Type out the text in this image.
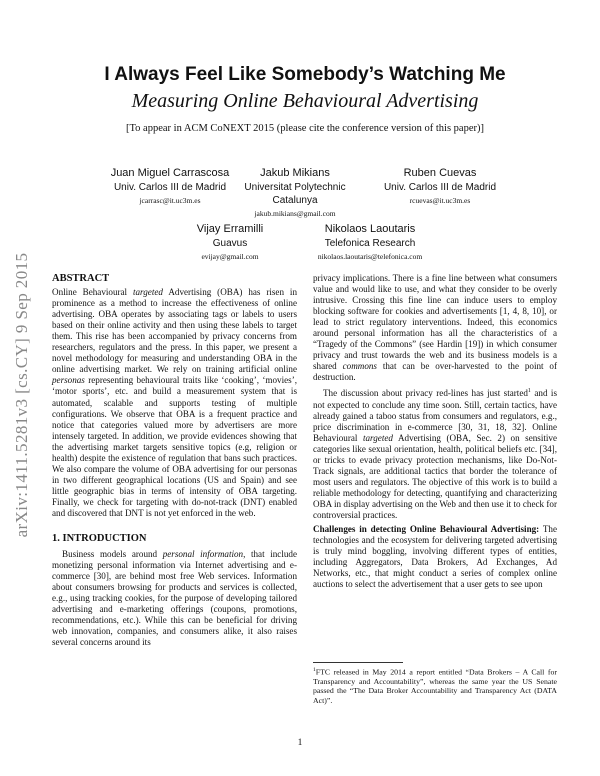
arXiv:1411.5281v3 [cs.CY] 9 Sep 2015
I Always Feel Like Somebody’s Watching Me
Measuring Online Behavioural Advertising
[To appear in ACM CoNEXT 2015 (please cite the conference version of this paper)]
Juan Miguel Carrascosa
Univ. Carlos III de Madrid
jcarrasc@it.uc3m.es
Jakub Mikians
Universitat Polytechnic
Catalunya
jakub.mikians@gmail.com
Ruben Cuevas
Univ. Carlos III de Madrid
rcuevas@it.uc3m.es
Vijay Erramilli
Guavus
evijay@gmail.com
Nikolaos Laoutaris
Telefonica Research
nikolaos.laoutaris@telefonica.com
ABSTRACT

Online Behavioural targeted Advertising (OBA) has risen in prominence as a method to increase the effectiveness of online advertising. OBA operates by associating tags or labels to users based on their online activity and then using these labels to target them. This rise has been accompanied by privacy concerns from researchers, regulators and the press. In this paper, we present a novel methodology for measuring and understanding OBA in the online advertising market. We rely on training artificial online personas representing behavioural traits like ‘cooking’, ‘movies’, ‘motor sports’, etc. and build a measurement system that is automated, scalable and supports testing of multiple configurations. We observe that OBA is a frequent practice and notice that categories valued more by advertisers are more intensely targeted. In addition, we provide evidences showing that the advertising market targets sensitive topics (e.g, religion or health) despite the existence of regulation that bans such practices. We also compare the volume of OBA advertising for our personas in two different geographical locations (US and Spain) and see little geographic bias in terms of intensity of OBA targeting. Finally, we check for targeting with do-not-track (DNT) enabled and discovered that DNT is not yet enforced in the web.

1. INTRODUCTION

Business models around personal information, that include monetizing personal information via Internet advertising and e-commerce [30], are behind most free Web services. Information about consumers browsing for products and services is collected, e.g., using tracking cookies, for the purpose of developing tailored advertising and e-marketing offerings (coupons, promotions, recommendations, etc.). While this can be beneficial for driving web innovation, companies, and consumers alike, it also raises several concerns around its

privacy implications. There is a fine line between what consumers value and would like to use, and what they consider to be overly intrusive. Crossing this fine line can induce users to employ blocking software for cookies and advertisements [1, 4, 8, 10], or lead to strict regulatory interventions. Indeed, this economics around personal information has all the characteristics of a “Tragedy of the Commons” (see Hardin [19]) in which consumer privacy and trust towards the web and its business models is a shared commons that can be over-harvested to the point of destruction.

The discussion about privacy red-lines has just started$^1$ and is not expected to conclude any time soon. Still, certain tactics, have already gained a taboo status from consumers and regulators, e.g., price discrimination in e-commerce [30, 31, 18, 32]. Online Behavioural targeted Advertising (OBA, Sec. 2) on sensitive categories like sexual orientation, health, political beliefs etc. [34], or tricks to evade privacy protection mechanisms, like Do-Not-Track signals, are additional tactics that border the tolerance of most users and regulators. The objective of this work is to build a reliable methodology for detecting, quantifying and characterizing OBA in display advertising on the Web and then use it to check for controversial practices.

Challenges in detecting Online Behavioural Advertising: The technologies and the ecosystem for delivering targeted advertising is truly mind boggling, involving different types of entities, including Aggregators, Data Brokers, Ad Exchanges, Ad Networks, etc., that might conduct a series of complex online auctions to select the advertisement that a user gets to see upon

$^1$FTC released in May 2014 a report entitled “Data Brokers – A Call for Transparency and Accountability”, whereas the same year the US Senate passed the “The Data Broker Accountability and Transparency Act (DATA Act)”.
1
